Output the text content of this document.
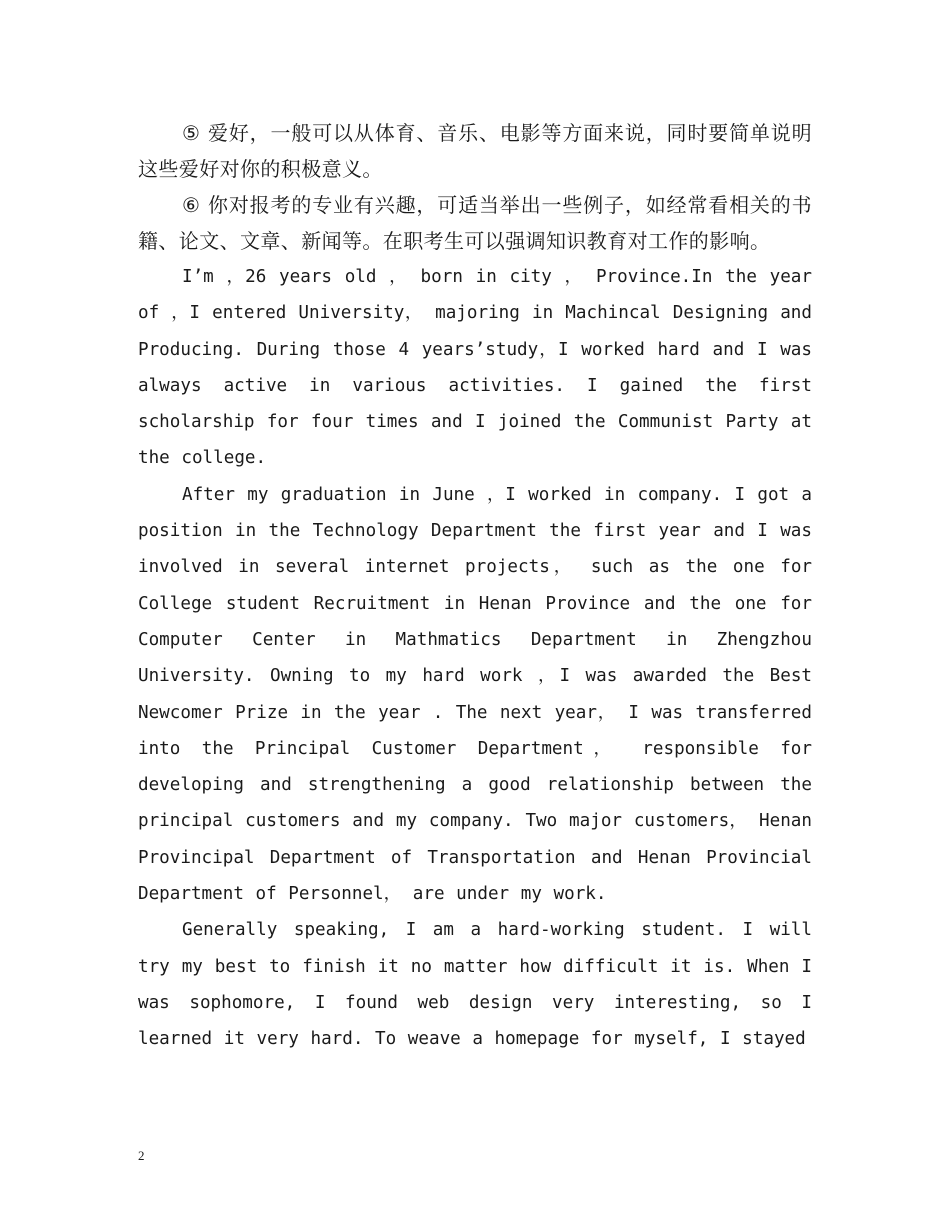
⑤ 爱好，一般可以从体育、音乐、电影等方面来说，同时要简单说明这些爱好对你的积极意义。

⑥ 你对报考的专业有兴趣，可适当举出一些例子，如经常看相关的书籍、论文、文章、新闻等。在职考生可以强调知识教育对工作的影响。

I’m ，26 years old ， born in city ， Province.In the year of ，I entered University， majoring in Machincal Designing and Producing. During those 4 years’study，I worked hard and I was always active in various activities. I gained the first scholarship for four times and I joined the Communist Party at the college.

After my graduation in June ，I worked in company. I got a position in the Technology Department the first year and I was involved in several internet projects， such as the one for College student Recruitment in Henan Province and the one for Computer Center in Mathmatics Department in Zhengzhou University. Owning to my hard work ，I was awarded the Best Newcomer Prize in the year . The next year， I was transferred into the Principal Customer Department， responsible for developing and strengthening a good relationship between the principal customers and my company. Two major customers， Henan Provincipal Department of Transportation and Henan Provincial Department of Personnel， are under my work.

Generally speaking, I am a hard-working student. I will try my best to finish it no matter how difficult it is. When I was sophomore, I found web design very interesting, so I learned it very hard. To weave a homepage for myself, I stayed

2
